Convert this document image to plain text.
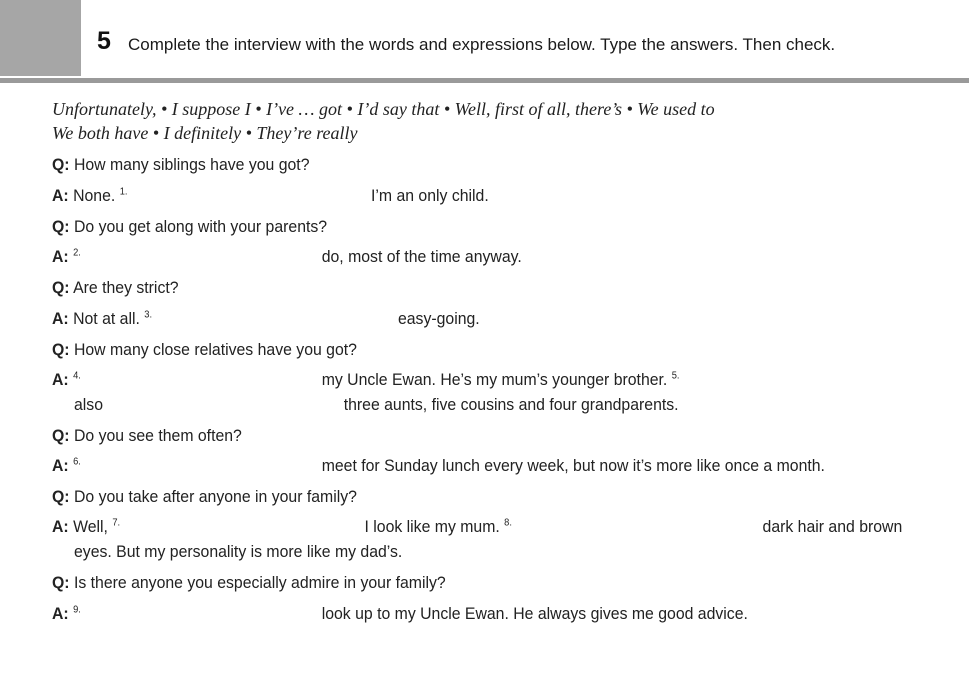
5 Complete the interview with the words and expressions below. Type the answers. Then check.
Unfortunately, • I suppose I • I’ve … got • I’d say that • Well, first of all, there’s • We used to
We both have • I definitely • They’re really
Q: How many siblings have you got?
A: None. $^{1.}$	I’m an only child.
Q: Do you get along with your parents?
A: $^{2.}$	do, most of the time anyway.
Q: Are they strict?
A: Not at all. $^{3.}$	easy-going.
Q: How many close relatives have you got?
A: $^{4.}$	my Uncle Ewan. He’s my mum’s younger brother. $^{5.}$
also	three aunts, five cousins and four grandparents.
Q: Do you see them often?
A: $^{6.}$	meet for Sunday lunch every week, but now it’s more like once a month.
Q: Do you take after anyone in your family?
A: Well, $^{7.}$	I look like my mum. $^{8.}$	dark hair and brown
eyes. But my personality is more like my dad’s.
Q: Is there anyone you especially admire in your family?
A: $^{9.}$	look up to my Uncle Ewan. He always gives me good advice.
